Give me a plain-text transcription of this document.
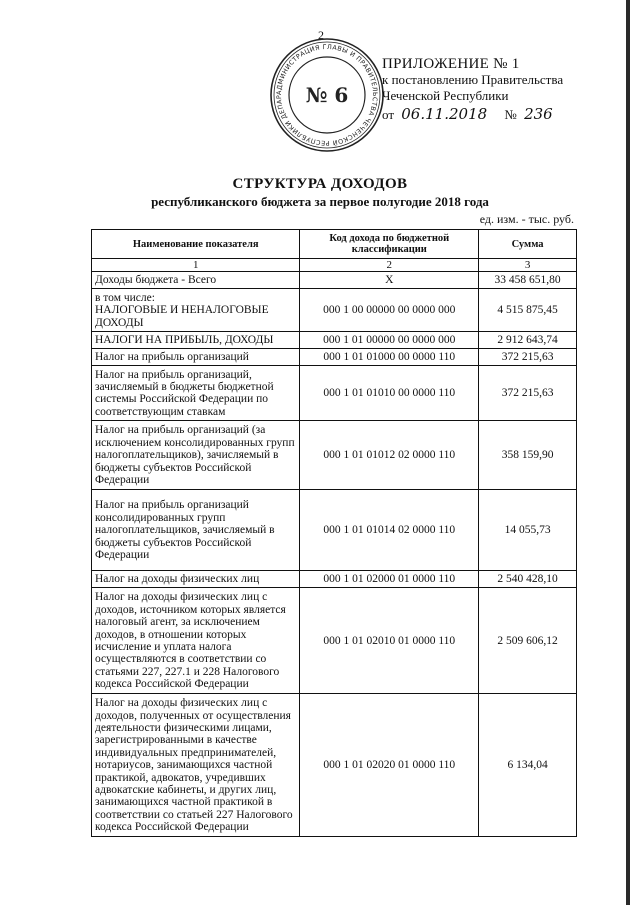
2
АДМИНИСТРАЦИЯ ГЛАВЫ И ПРАВИТЕЛЬСТВА ЧЕЧЕНСКОЙ РЕСПУБЛИКИ ДЕПАР	№ 6
ПРИЛОЖЕНИЕ № 1
к постановлению Правительства
Чеченской Республики
от 06.11.2018 № 236
СТРУКТУРА ДОХОДОВ
республиканского бюджета за первое полугодие 2018 года
ед. изм. - тыс. руб.
Наименование показателя	Код дохода по бюджетной классификации	Сумма
1	2	3
Доходы бюджета - Всего	X	33 458 651,80
в том числе:
НАЛОГОВЫЕ И НЕНАЛОГОВЫЕ ДОХОДЫ	000 1 00 00000 00 0000 000	4 515 875,45
НАЛОГИ НА ПРИБЫЛЬ, ДОХОДЫ	000 1 01 00000 00 0000 000	2 912 643,74
Налог на прибыль организаций	000 1 01 01000 00 0000 110	372 215,63
Налог на прибыль организаций, зачисляемый в бюджеты бюджетной системы Российской Федерации по соответствующим ставкам	000 1 01 01010 00 0000 110	372 215,63
Налог на прибыль организаций (за исключением консолидированных групп налогоплательщиков), зачисляемый в бюджеты субъектов Российской Федерации	000 1 01 01012 02 0000 110	358 159,90
Налог на прибыль организаций консолидированных групп налогоплательщиков, зачисляемый в бюджеты субъектов Российской Федерации	000 1 01 01014 02 0000 110	14 055,73
Налог на доходы физических лиц	000 1 01 02000 01 0000 110	2 540 428,10
Налог на доходы физических лиц с доходов, источником которых является налоговый агент, за исключением доходов, в отношении которых исчисление и уплата налога осуществляются в соответствии со статьями 227, 227.1 и 228 Налогового кодекса Российской Федерации	000 1 01 02010 01 0000 110	2 509 606,12
Налог на доходы физических лиц с доходов, полученных от осуществления деятельности физическими лицами, зарегистрированными в качестве индивидуальных предпринимателей, нотариусов, занимающихся частной практикой, адвокатов, учредивших адвокатские кабинеты, и других лиц, занимающихся частной практикой в соответствии со статьей 227 Налогового кодекса Российской Федерации	000 1 01 02020 01 0000 110	6 134,04
